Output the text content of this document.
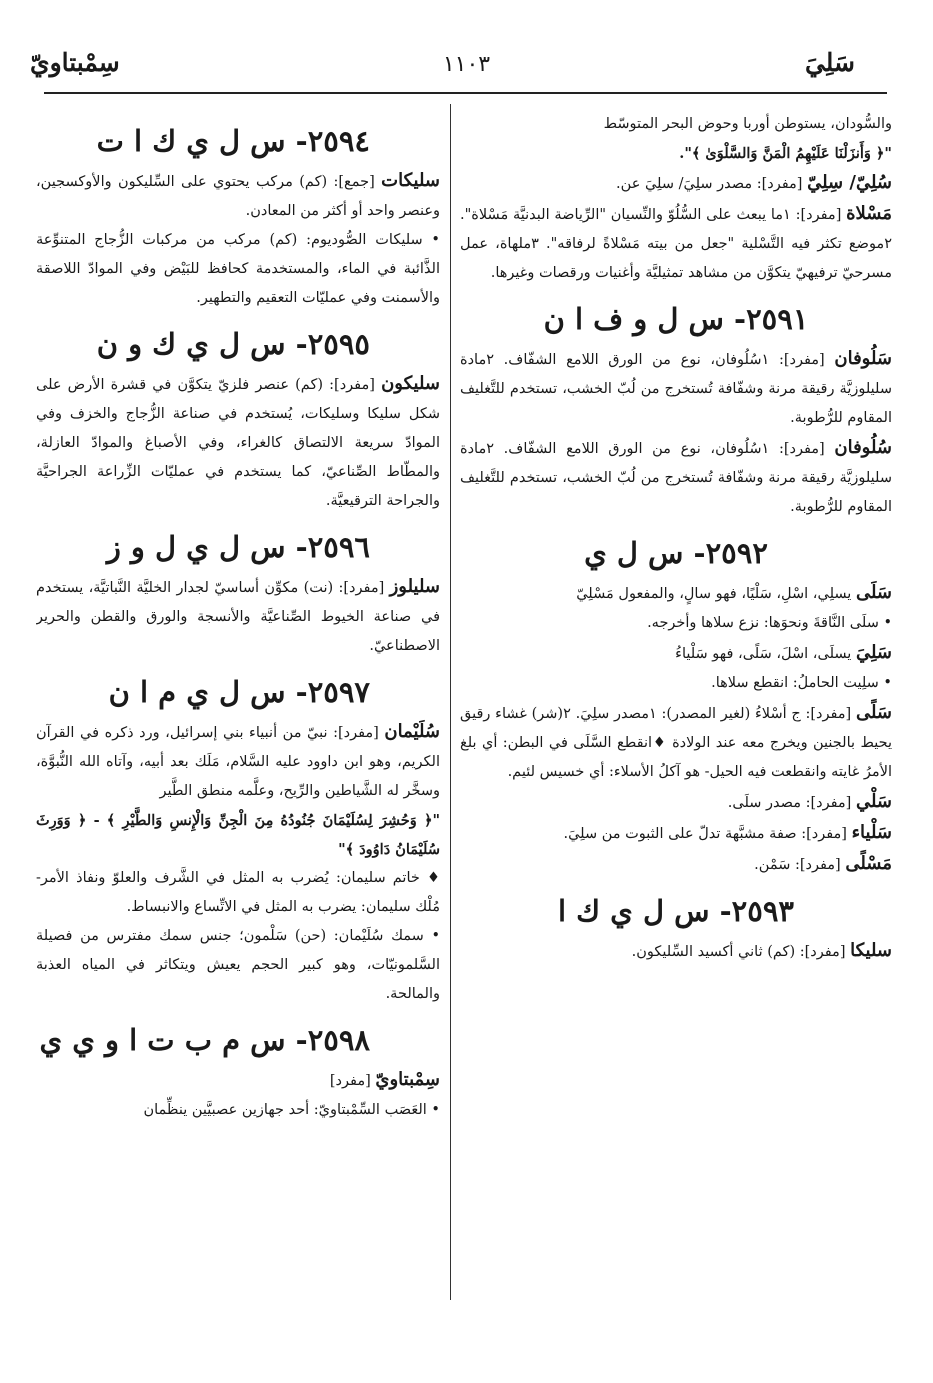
سَلِيَ
١١٠٣
سِمْبتاويّ

والسُّودان، يستوطن أوربا وحوض البحر المتوسّط

"﴿ وَأَنزَلْنَا عَلَيْهِمُ الْمَنَّ وَالسَّلْوَىٰ ﴾".

سُلِيّ/ سِلِيّ [مفرد]: مصدر سلِيَ/ سلِيَ عن.

مَسْلاة [مفرد]: ١ما يبعث على السُّلُوّ والنِّسيان "الرِّياضة البدنيَّة مَسْلاة". ٢موضع تكثر فيه التَّسْلية "جعل من بيته مَسْلاةً لرفاقه". ٣ملهاة، عمل مسرحيّ ترفيهيّ يتكوَّن من مشاهد تمثيليَّة وأغنيات ورقصات وغيرها.

٢٥٩١- س ل و ف ا ن

سَلُوفان [مفرد]: ١سُلُوفان، نوع من الورق اللامع الشفّاف. ٢مادة سليلوزيَّة رقيقة مرنة وشفّافة تُستخرج من لُبّ الخشب، تستخدم للتَّغليف المقاوم للرُّطوبة.

سُلُوفان [مفرد]: ١سُلُوفان، نوع من الورق اللامع الشفّاف. ٢مادة سليلوزيَّة رقيقة مرنة وشفّافة تُستخرج من لُبّ الخشب، تستخدم للتَّغليف المقاوم للرُّطوبة.

٢٥٩٢- س ل ي

سَلَى يسلِي، اسْلِ، سَلْيًا، فهو سالٍ، والمفعول مَسْلِيّ

• سلَى النَّاقةَ ونحوَها: نزع سلاها وأخرجه.

سَلِيَ يسلَى، اسْلَ، سَلًى، فهو سَلْياءُ

• سلِيت الحاملُ: انقطع سلاها.

سَلًى [مفرد]: ج أسْلاءُ (لغير المصدر): ١مصدر سلِيَ. ٢(شر) غشاء رقيق يحيط بالجنين ويخرج معه عند الولادة ♦انقطع السَّلَى في البطن: أي بلغ الأمرُ غايته وانقطعت فيه الحيل- هو آكلُ الأسلاء: أي خسيس لئيم.

سَلْي [مفرد]: مصدر سلَى.

سَلْياء [مفرد]: صفة مشبَّهة تدلّ على الثبوت من سلِيَ.

مَسْلًى [مفرد]: سَمْن.

٢٥٩٣- س ل ي ك ا

سليكا [مفرد]: (كم) ثاني أكسيد السِّليكون.

٢٥٩٤- س ل ي ك ا ت

سليكات [جمع]: (كم) مركب يحتوي على السِّليكون والأوكسجين، وعنصر واحد أو أكثر من المعادن.

• سليكات الصُّوديوم: (كم) مركب من مركبات الزُّجاج المتنوِّعة الذَّائبة في الماء، والمستخدمة كحافظ للبَيْض وفي الموادّ اللاصقة والأسمنت وفي عمليّات التعقيم والتطهير.

٢٥٩٥- س ل ي ك و ن

سليكون [مفرد]: (كم) عنصر فلزيّ يتكوَّن في قشرة الأرض على شكل سليكا وسليكات، يُستخدم في صناعة الزُّجاج والخزف وفي الموادّ سريعة الالتصاق كالغراء، وفي الأصباغ والموادّ العازلة، والمطّاط الصِّناعيّ، كما يستخدم في عمليّات الزِّراعة الجراحيَّة والجراحة الترقيعيَّة.

٢٥٩٦- س ل ي ل و ز

سليلوز [مفرد]: (نت) مكوِّن أساسيّ لجدار الخليَّة النَّباتيَّة، يستخدم في صناعة الخيوط الصِّناعيَّة والأنسجة والورق والقطن والحرير الاصطناعيّ.

٢٥٩٧- س ل ي م ا ن

سُلَيْمان [مفرد]: نبيّ من أنبياء بني إسرائيل، ورد ذكره في القرآن الكريم، وهو ابن داوود عليه السَّلام، مَلَك بعد أبيه، وآتاه الله النُّبوَّة، وسخَّر له الشَّياطين والرِّيح، وعلَّمه منطق الطَّير

"﴿ وَحُشِرَ لِسُلَيْمَانَ جُنُودُهُ مِنَ الْجِنِّ وَالْإِنسِ وَالطَّيْرِ ﴾ - ﴿ وَوَرِثَ سُلَيْمَانُ دَاوُودَ ﴾"

♦ خاتم سليمان: يُضرب به المثل في الشَّرف والعلوّ ونفاذ الأمر- مُلْك سليمان: يضرب به المثل في الاتِّساع والانبساط.

• سمك سُلَيْمان: (حن) سَلْمون؛ جنس سمك مفترس من فصيلة السَّلمونيّات، وهو كبير الحجم يعيش ويتكاثر في المياه العذبة والمالحة.

٢٥٩٨- س م ب ت ا و ي ي

سِمْبتاويّ [مفرد]

• العَصَب السِّمْبتاويّ: أحد جهازين عصبيَّين ينظِّمان
